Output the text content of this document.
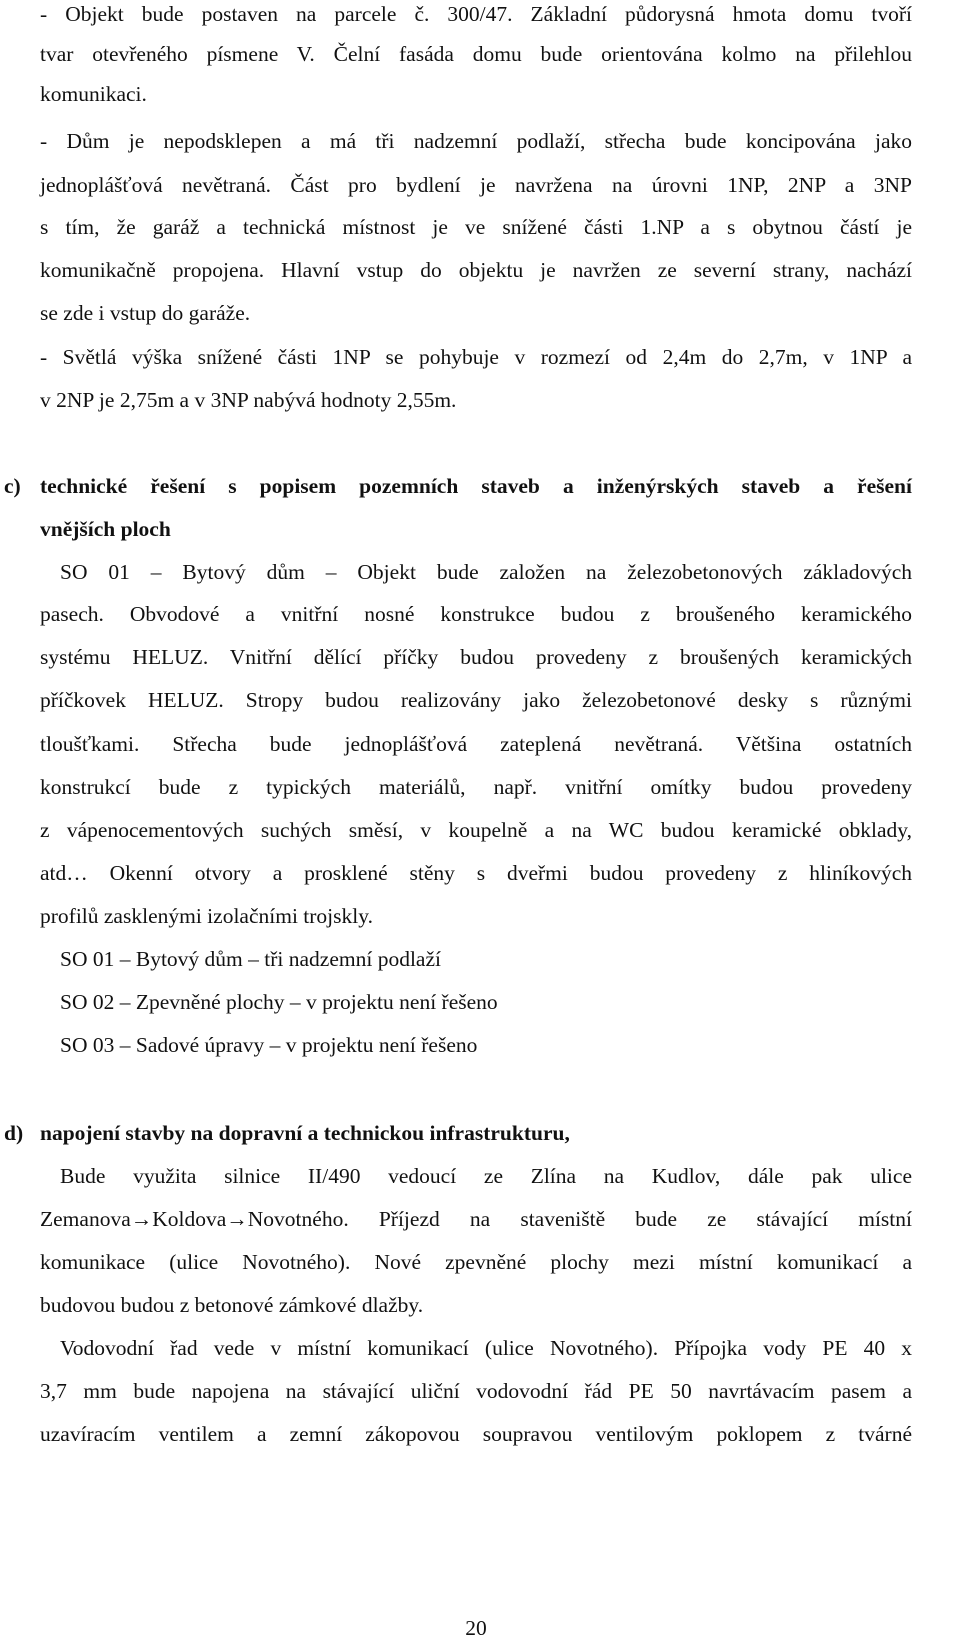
- Objekt bude postaven na parcele č. 300/47. Základní půdorysná hmota domu tvoří
tvar otevřeného písmene V. Čelní fasáda domu bude orientována kolmo na přilehlou
komunikaci.
- Dům je nepodsklepen a má tři nadzemní podlaží, střecha bude koncipována jako
jednoplášťová nevětraná. Část pro bydlení je navržena na úrovni 1NP, 2NP a 3NP
s tím, že garáž a technická místnost je ve snížené části 1.NP a s obytnou částí je
komunikačně propojena. Hlavní vstup do objektu je navržen ze severní strany, nachází
se zde i vstup do garáže.
- Světlá výška snížené části 1NP se pohybuje v rozmezí od 2,4m do 2,7m, v 1NP a
v 2NP je 2,75m a v 3NP nabývá hodnoty 2,55m.
c) technické řešení s popisem pozemních staveb a inženýrských staveb a řešení
vnějších ploch
SO 01 – Bytový dům – Objekt bude založen na železobetonových základových
pasech. Obvodové a vnitřní nosné konstrukce budou z broušeného keramického
systému HELUZ. Vnitřní dělící příčky budou provedeny z broušených keramických
příčkovek HELUZ. Stropy budou realizovány jako železobetonové desky s různými
tloušťkami. Střecha bude jednoplášťová zateplená nevětraná. Většina ostatních
konstrukcí bude z typických materiálů, např. vnitřní omítky budou provedeny
z vápenocementových suchých směsí, v koupelně a na WC budou keramické obklady,
atd… Okenní otvory a prosklené stěny s dveřmi budou provedeny z hliníkových
profilů zasklenými izolačními trojskly.
SO 01 – Bytový dům – tři nadzemní podlaží
SO 02 – Zpevněné plochy – v projektu není řešeno
SO 03 – Sadové úpravy – v projektu není řešeno
d) napojení stavby na dopravní a technickou infrastrukturu,
Bude využita silnice II/490 vedoucí ze Zlína na Kudlov, dále pak ulice
Zemanova→Koldova→Novotného. Příjezd na staveniště bude ze stávající místní
komunikace (ulice Novotného). Nové zpevněné plochy mezi místní komunikací a
budovou budou z betonové zámkové dlažby.
Vodovodní řad vede v místní komunikací (ulice Novotného). Přípojka vody PE 40 x
3,7 mm bude napojena na stávající uliční vodovodní řád PE 50 navrtávacím pasem a
uzavíracím ventilem a zemní zákopovou soupravou ventilovým poklopem z tvárné
20
